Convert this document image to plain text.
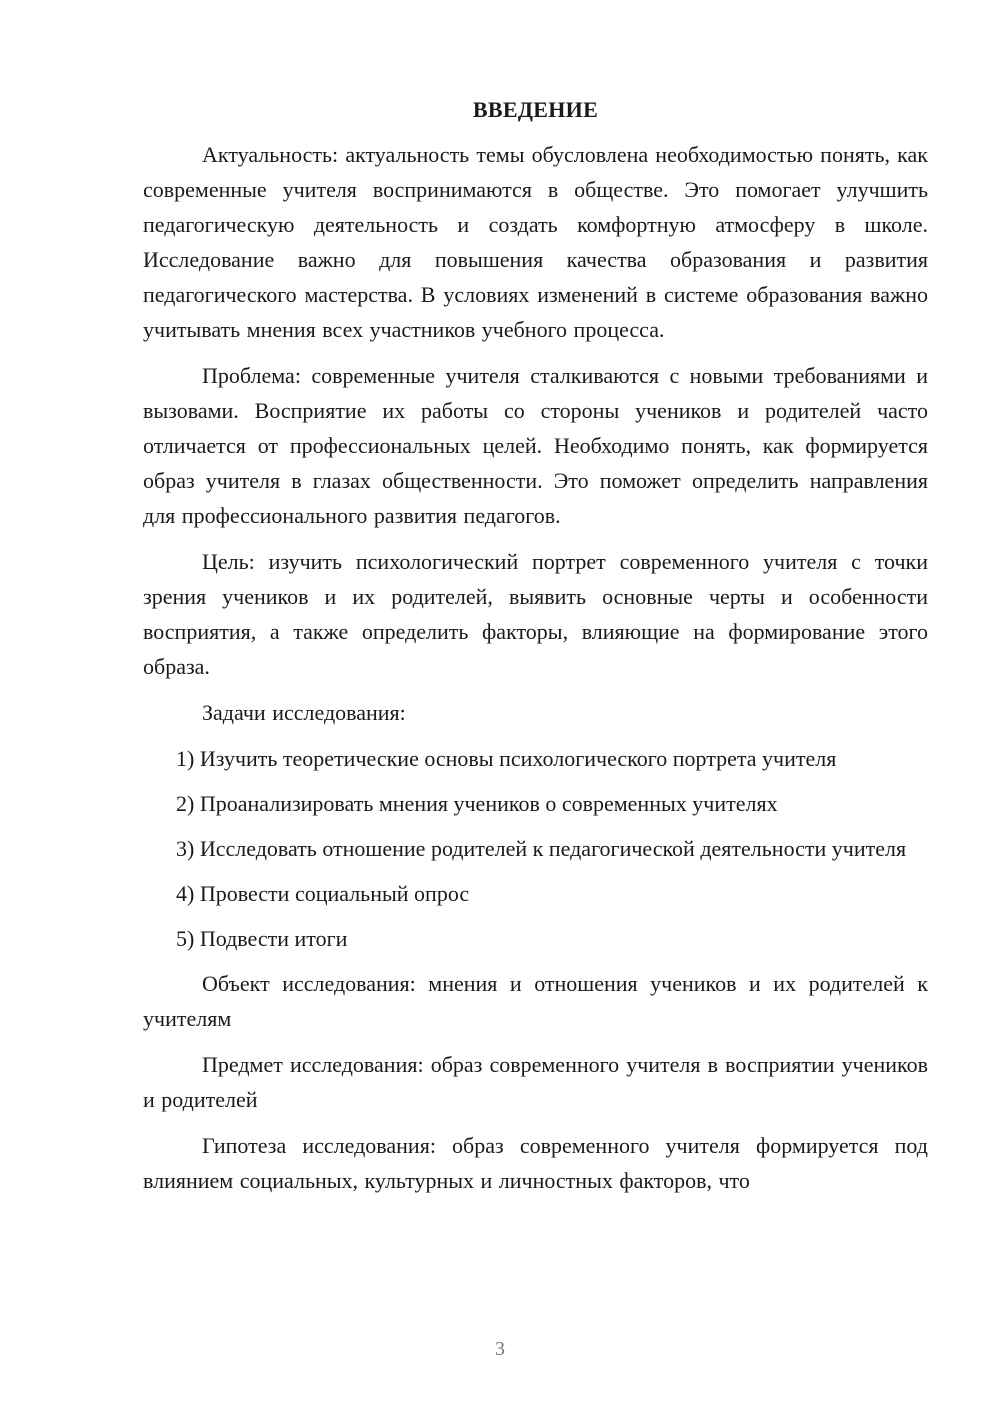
ВВЕДЕНИЕ

Актуальность: актуальность темы обусловлена необходимостью понять, как современные учителя воспринимаются в обществе. Это помогает улучшить педагогическую деятельность и создать комфортную атмосферу в школе. Исследование важно для повышения качества образования и развития педагогического мастерства. В условиях изменений в системе образования важно учитывать мнения всех участников учебного процесса.

Проблема: современные учителя сталкиваются с новыми требованиями и вызовами. Восприятие их работы со стороны учеников и родителей часто отличается от профессиональных целей. Необходимо понять, как формируется образ учителя в глазах общественности. Это поможет определить направления для профессионального развития педагогов.

Цель: изучить психологический портрет современного учителя с точки зрения учеников и их родителей, выявить основные черты и особенности восприятия, а также определить факторы, влияющие на формирование этого образа.

Задачи исследования:

1) Изучить теоретические основы психологического портрета учителя

2) Проанализировать мнения учеников о современных учителях

3) Исследовать отношение родителей к педагогической деятельности учителя

4) Провести социальный опрос

5) Подвести итоги

Объект исследования: мнения и отношения учеников и их родителей к учителям

Предмет исследования: образ современного учителя в восприятии учеников и родителей

Гипотеза исследования: образ современного учителя формируется под влиянием социальных, культурных и личностных факторов, что

3
